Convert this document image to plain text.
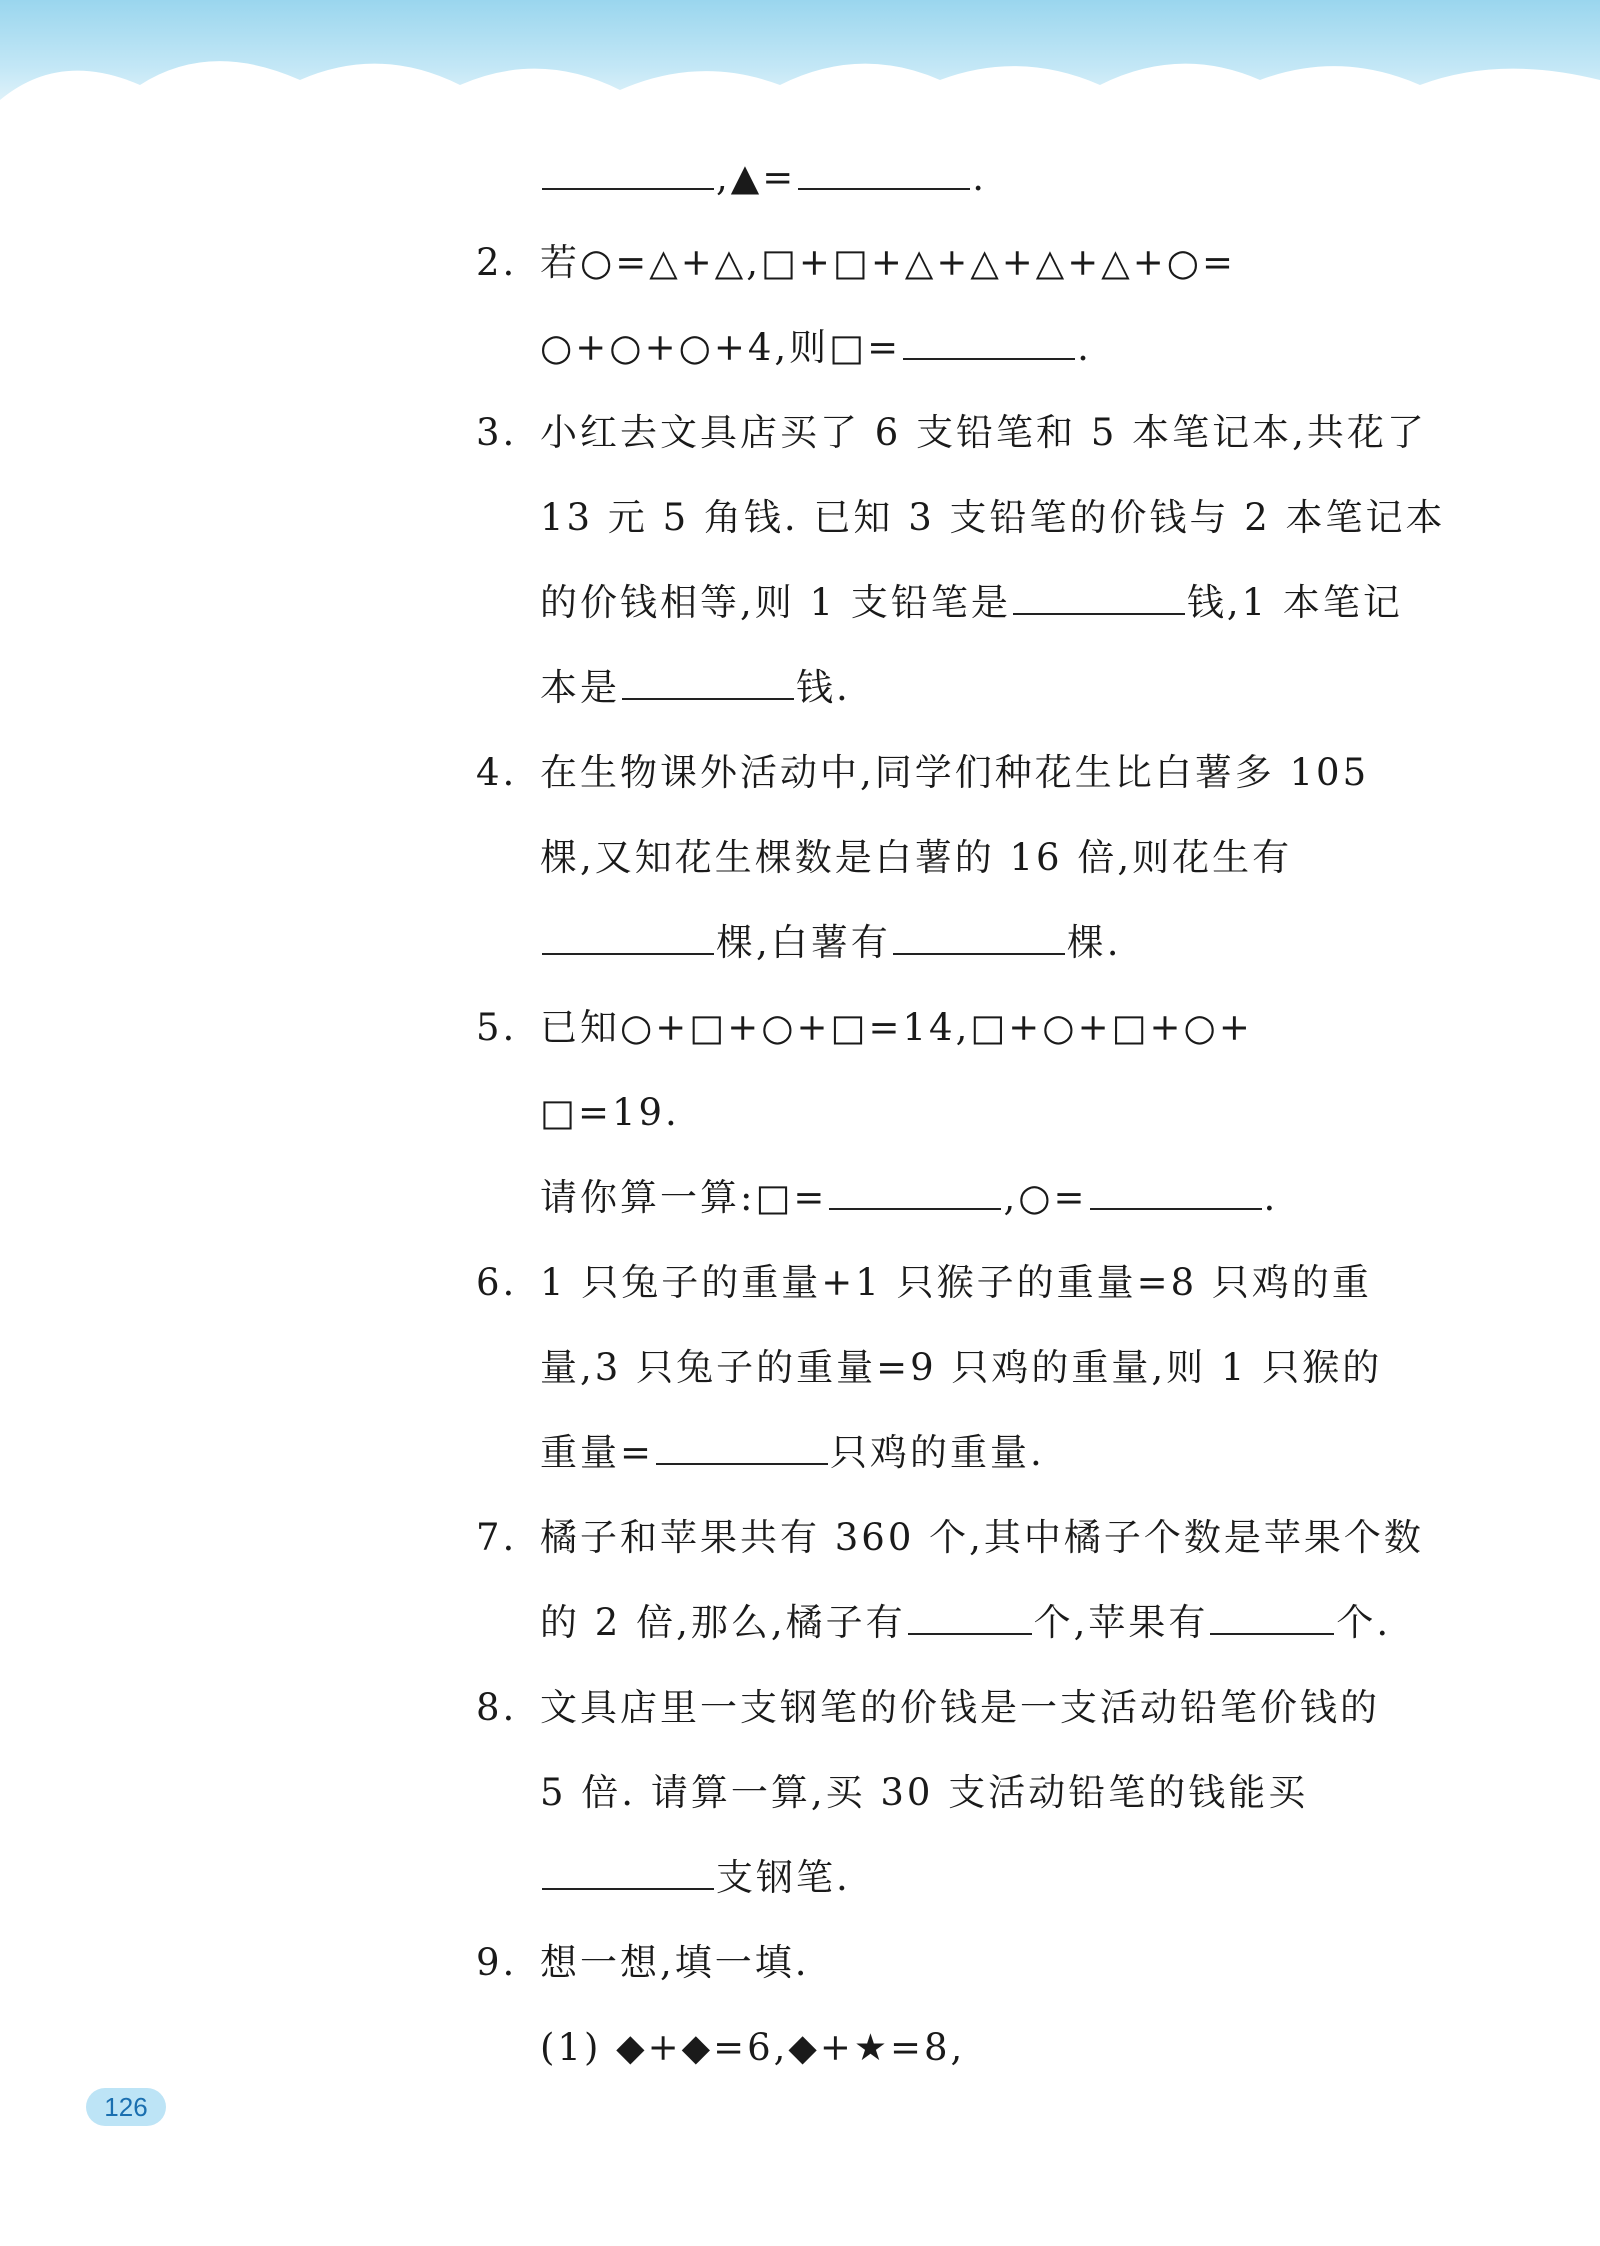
,▲=	.
2. 若○=△+△,□+□+△+△+△+△+○=
○+○+○+4,则□=	.
3. 小红去文具店买了 6 支铅笔和 5 本笔记本,共花了
13 元 5 角钱. 已知 3 支铅笔的价钱与 2 本笔记本
的价钱相等,则 1 支铅笔是	钱,1 本笔记
本是	钱.
4. 在生物课外活动中,同学们种花生比白薯多 105
棵,又知花生棵数是白薯的 16 倍,则花生有
棵,白薯有	棵.
5. 已知○+□+○+□=14,□+○+□+○+
□=19.
请你算一算:□=	,○=	.
6. 1 只兔子的重量+1 只猴子的重量=8 只鸡的重
量,3 只兔子的重量=9 只鸡的重量,则 1 只猴的
重量=	只鸡的重量.
7. 橘子和苹果共有 360 个,其中橘子个数是苹果个数
的 2 倍,那么,橘子有	个,苹果有	个.
8. 文具店里一支钢笔的价钱是一支活动铅笔价钱的
5 倍. 请算一算,买 30 支活动铅笔的钱能买
支钢笔.
9. 想一想,填一填.
(1) ◆+◆=6,◆+★=8,
126
